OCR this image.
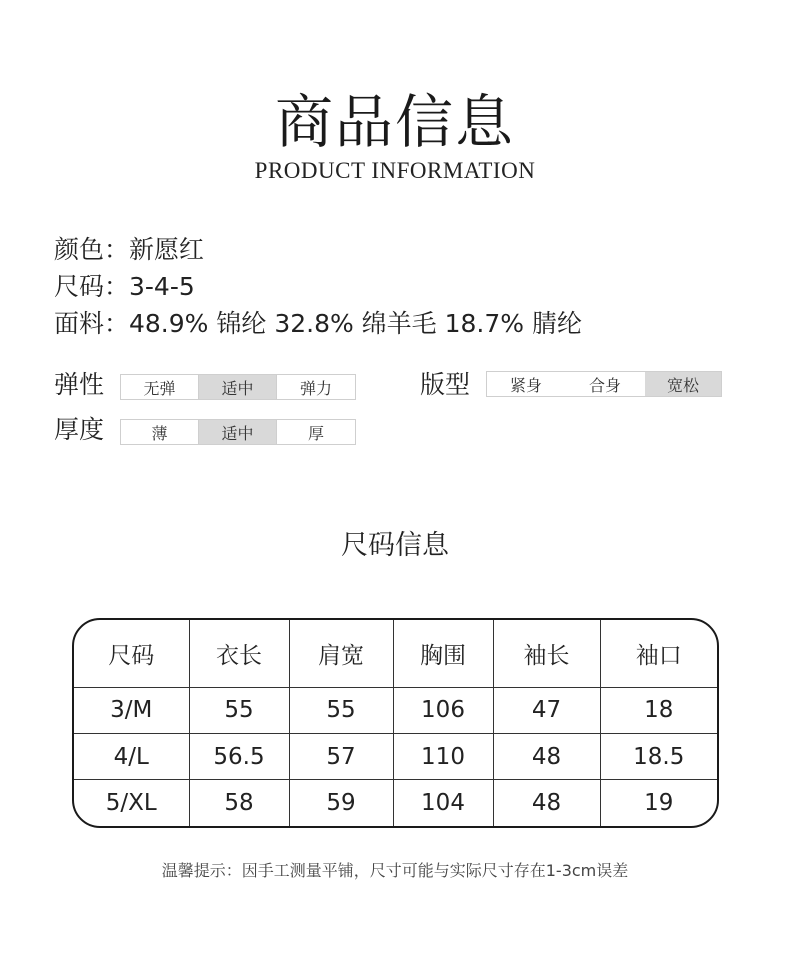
商品信息
PRODUCT INFORMATION
颜色：新愿红
尺码：3-4-5
面料：48.9% 锦纶 32.8% 绵羊毛 18.7% 腈纶
弹性	无弹	适中	弹力
厚度	薄	适中	厚
版型	紧身	合身	宽松
尺码信息
尺码	衣长	肩宽	胸围	袖长	袖口
3/M	55	55	106	47	18
4/L	56.5	57	110	48	18.5
5/XL	58	59	104	48	19
温馨提示：因手工测量平铺，尺寸可能与实际尺寸存在1-3cm误差
